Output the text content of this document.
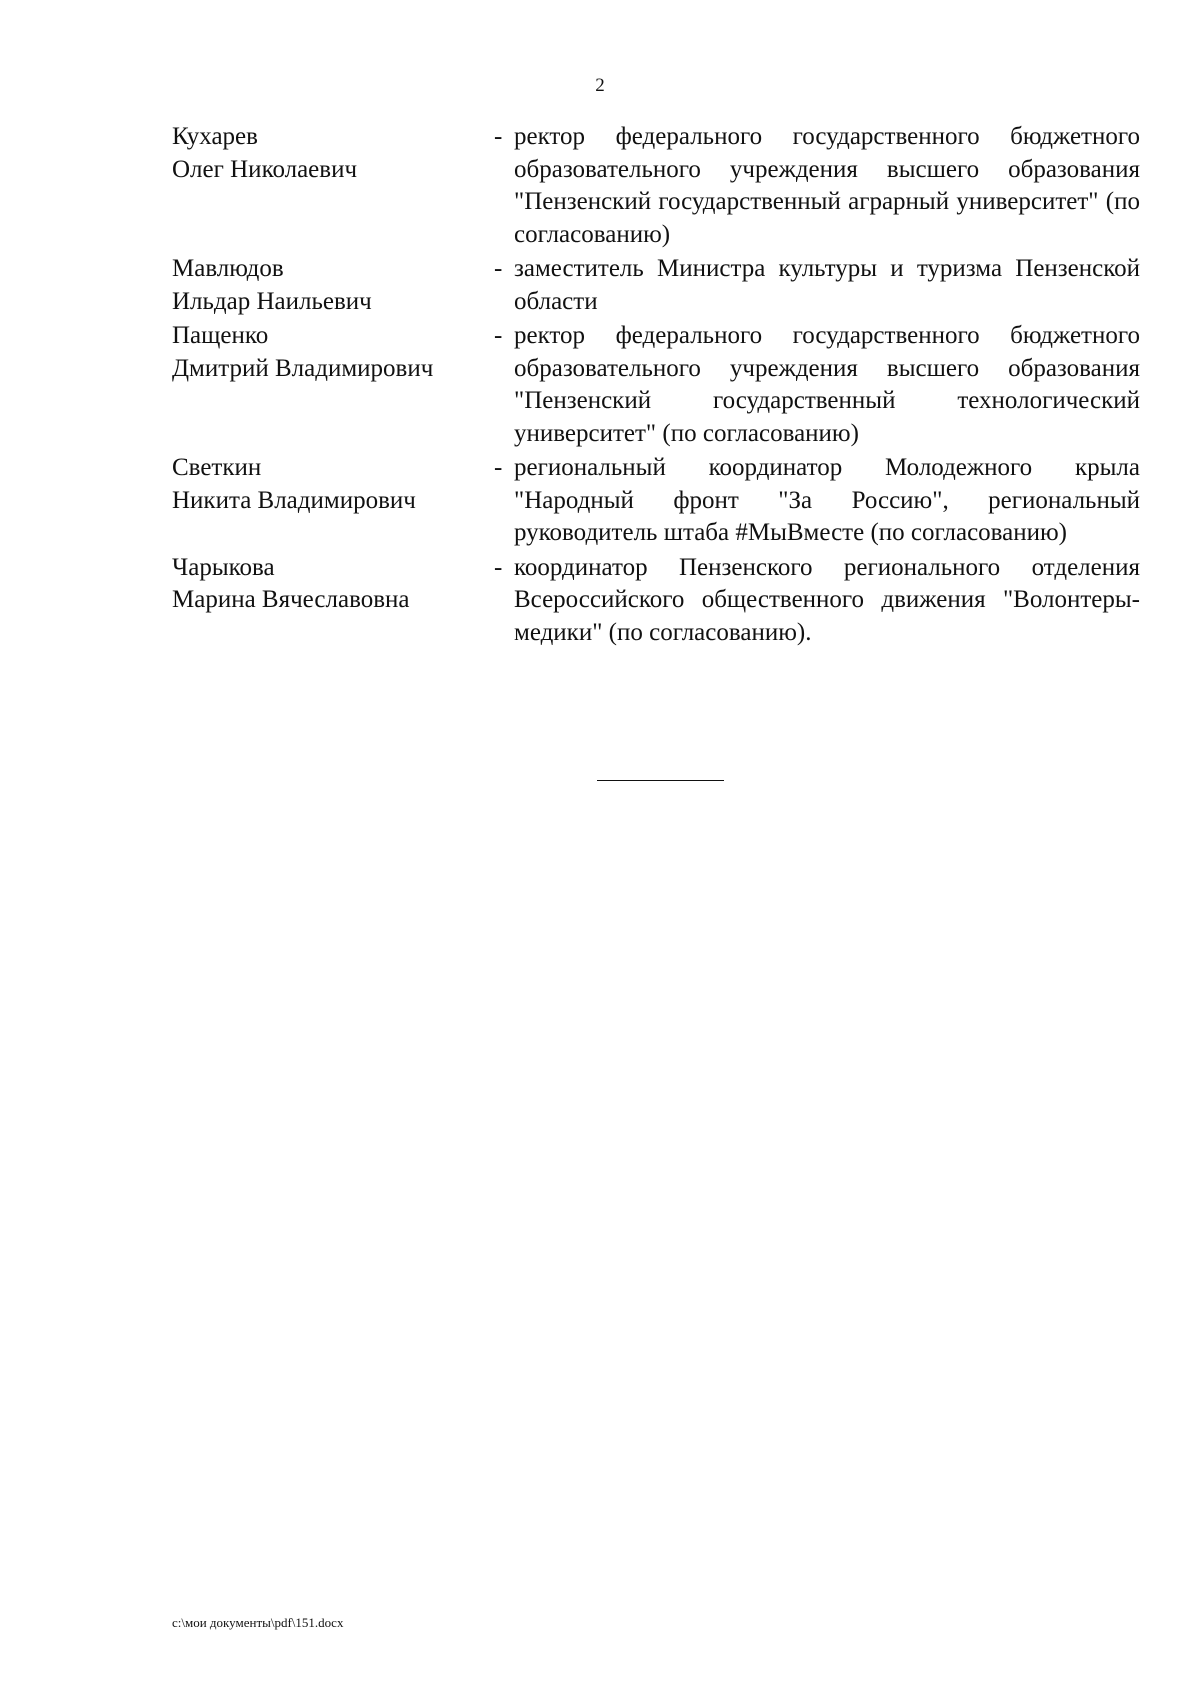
2
Кухарев
Олег Николаевич
- ректор федерального государственного бюджетного образовательного учреждения высшего образования "Пензенский государственный аграрный университет" (по согласованию)
Мавлюдов
Ильдар Наильевич
- заместитель Министра культуры и туризма Пензенской области
Пащенко
Дмитрий Владимирович
- ректор федерального государственного бюджетного образовательного учреждения высшего образования "Пензенский государственный технологический университет" (по согласованию)
Светкин
Никита Владимирович
- региональный координатор Молодежного крыла "Народный фронт "За Россию", региональный руководитель штаба #МыВместе (по согласованию)
Чарыкова
Марина Вячеславовна
- координатор Пензенского регионального отделения Всероссийского общественного движения "Волонтеры-медики" (по согласованию).
c:\мои документы\pdf\151.docx
